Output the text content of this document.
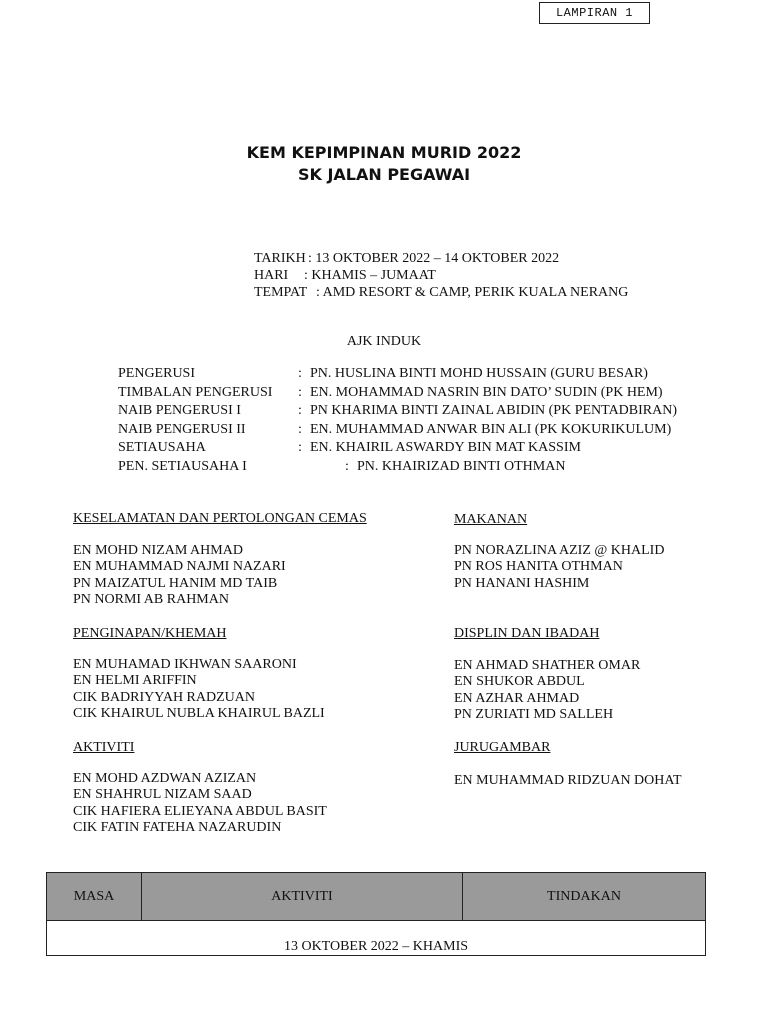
LAMPIRAN 1
KEM KEPIMPINAN MURID 2022
SK JALAN PEGAWAI
TARIKH : 13 OKTOBER 2022 – 14 OKTOBER 2022
HARI : KHAMIS – JUMAAT
TEMPAT : AMD RESORT & CAMP, PERIK KUALA NERANG
AJK INDUK
PENGERUSI	: PN. HUSLINA BINTI MOHD HUSSAIN (GURU BESAR)
TIMBALAN PENGERUSI : EN. MOHAMMAD NASRIN BIN DATO’ SUDIN (PK HEM)
NAIB PENGERUSI I	: PN KHARIMA BINTI ZAINAL ABIDIN (PK PENTADBIRAN)
NAIB PENGERUSI II	: EN. MUHAMMAD ANWAR BIN ALI (PK KOKURIKULUM)
SETIAUSAHA	: EN. KHAIRIL ASWARDY BIN MAT KASSIM
PEN. SETIAUSAHA I	: PN. KHAIRIZAD BINTI OTHMAN
KESELAMATAN DAN PERTOLONGAN CEMAS
EN MOHD NIZAM AHMAD
EN MUHAMMAD NAJMI NAZARI
PN MAIZATUL HANIM MD TAIB
PN NORMI AB RAHMAN
PENGINAPAN/KHEMAH
EN MUHAMAD IKHWAN SAARONI
EN HELMI ARIFFIN
CIK BADRIYYAH RADZUAN
CIK KHAIRUL NUBLA KHAIRUL BAZLI
AKTIVITI
EN MOHD AZDWAN AZIZAN
EN SHAHRUL NIZAM SAAD
CIK HAFIERA ELIEYANA ABDUL BASIT
CIK FATIN FATEHA NAZARUDIN
MAKANAN
PN NORAZLINA AZIZ @ KHALID
PN ROS HANITA OTHMAN
PN HANANI HASHIM
DISPLIN DAN IBADAH
EN AHMAD SHATHER OMAR
EN SHUKOR ABDUL
EN AZHAR AHMAD
PN ZURIATI MD SALLEH
JURUGAMBAR
EN MUHAMMAD RIDZUAN DOHAT
MASA	AKTIVITI	TINDAKAN
13 OKTOBER 2022 – KHAMIS
